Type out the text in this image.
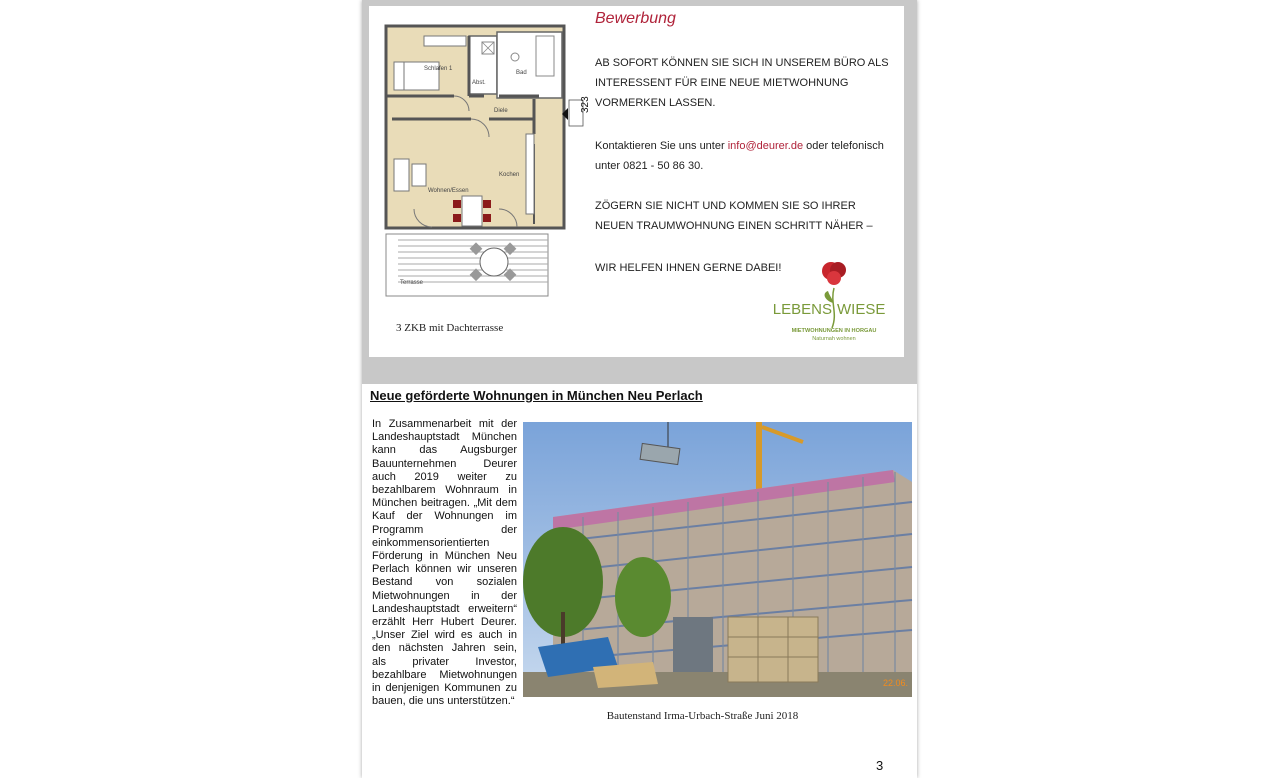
Schlafen 1
Abst.
Bad
Diele
Kochen
Wohnen/Essen
Terrasse
323
3 ZKB mit Dachterrasse
Bewerbung
AB SOFORT KÖNNEN SIE SICH IN UNSEREM BÜRO ALS INTERESSENT FÜR EINE NEUE MIETWOHNUNG VORMERKEN LASSEN.
Kontaktieren Sie uns unter info@deurer.de oder telefonisch unter 0821 - 50 86 30.
ZÖGERN SIE NICHT UND KOMMEN SIE SO IHRER NEUEN TRAUMWOHNUNG EINEN SCHRITT NÄHER –
WIR HELFEN IHNEN GERNE DABEI!
LEBENS WIESE
MIETWOHNUNGEN IN HORGAU
Naturnah wohnen
Neue geförderte Wohnungen in München Neu Perlach
In Zusammenarbeit mit der Landeshauptstadt München kann das Augsburger Bauunternehmen Deurer auch 2019 weiter zu bezahlbarem Wohnraum in München beitragen. „Mit dem Kauf der Wohnungen im Programm der einkommensorientierten Förderung in München Neu Perlach können wir unseren Bestand von sozialen Mietwohnungen in der Landeshauptstadt erweitern“ erzählt Herr Hubert Deurer. „Unser Ziel wird es auch in den nächsten Jahren sein, als privater Investor, bezahlbare Mietwohnungen in denjenigen Kommunen zu bauen, die uns unterstützen.“
22.06.
Bautenstand Irma-Urbach-Straße Juni 2018
3
